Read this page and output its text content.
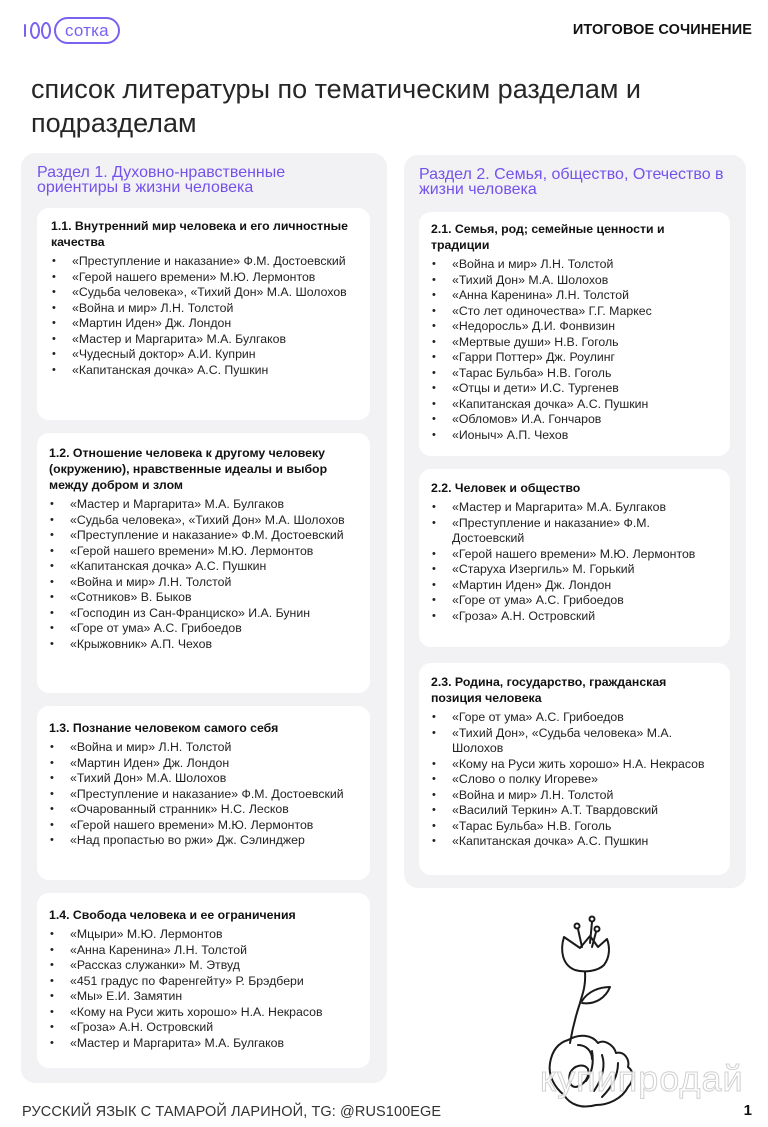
сотка	ИТОГОВОЕ СОЧИНЕНИЕ
список литературы по тематическим разделам и подразделам
Раздел 1. Духовно-нравственные ориентиры в жизни человека
1.1. Внутренний мир человека и его личностные качества
• «Преступление и наказание» Ф.М. Достоевский
• «Герой нашего времени» М.Ю. Лермонтов
• «Судьба человека», «Тихий Дон» М.А. Шолохов
• «Война и мир» Л.Н. Толстой
• «Мартин Иден» Дж. Лондон
• «Мастер и Маргарита» М.А. Булгаков
• «Чудесный доктор» А.И. Куприн
• «Капитанская дочка» А.С. Пушкин
1.2. Отношение человека к другому человеку (окружению), нравственные идеалы и выбор между добром и злом
• «Мастер и Маргарита» М.А. Булгаков
• «Судьба человека», «Тихий Дон» М.А. Шолохов
• «Преступление и наказание» Ф.М. Достоевский
• «Герой нашего времени» М.Ю. Лермонтов
• «Капитанская дочка» А.С. Пушкин
• «Война и мир» Л.Н. Толстой
• «Сотников» В. Быков
• «Господин из Сан-Франциско» И.А. Бунин
• «Горе от ума» А.С. Грибоедов
• «Крыжовник» А.П. Чехов
1.3. Познание человеком самого себя
• «Война и мир» Л.Н. Толстой
• «Мартин Иден» Дж. Лондон
• «Тихий Дон» М.А. Шолохов
• «Преступление и наказание» Ф.М. Достоевский
• «Очарованный странник» Н.С. Лесков
• «Герой нашего времени» М.Ю. Лермонтов
• «Над пропастью во ржи» Дж. Сэлинджер
1.4. Свобода человека и ее ограничения
• «Мцыри» М.Ю. Лермонтов
• «Анна Каренина» Л.Н. Толстой
• «Рассказ служанки» М. Этвуд
• «451 градус по Фаренгейту» Р. Брэдбери
• «Мы» Е.И. Замятин
• «Кому на Руси жить хорошо» Н.А. Некрасов
• «Гроза» А.Н. Островский
• «Мастер и Маргарита» М.А. Булгаков
Раздел 2. Семья, общество, Отечество в жизни человека
2.1. Семья, род; семейные ценности и традиции
• «Война и мир» Л.Н. Толстой
• «Тихий Дон» М.А. Шолохов
• «Анна Каренина» Л.Н. Толстой
• «Сто лет одиночества» Г.Г. Маркес
• «Недоросль» Д.И. Фонвизин
• «Мертвые души» Н.В. Гоголь
• «Гарри Поттер» Дж. Роулинг
• «Тарас Бульба» Н.В. Гоголь
• «Отцы и дети» И.С. Тургенев
• «Капитанская дочка» А.С. Пушкин
• «Обломов» И.А. Гончаров
• «Ионыч» А.П. Чехов
2.2. Человек и общество
• «Мастер и Маргарита» М.А. Булгаков
• «Преступление и наказание» Ф.М. Достоевский
• «Герой нашего времени» М.Ю. Лермонтов
• «Старуха Изергиль» М. Горький
• «Мартин Иден» Дж. Лондон
• «Горе от ума» А.С. Грибоедов
• «Гроза» А.Н. Островский
2.3. Родина, государство, гражданская позиция человека
• «Горе от ума» А.С. Грибоедов
• «Тихий Дон», «Судьба человека» М.А. Шолохов
• «Кому на Руси жить хорошо» Н.А. Некрасов
• «Слово о полку Игореве»
• «Война и мир» Л.Н. Толстой
• «Василий Теркин» А.Т. Твардовский
• «Тарас Бульба» Н.В. Гоголь
• «Капитанская дочка» А.С. Пушкин
купипродай
РУССКИЙ ЯЗЫК С ТАМАРОЙ ЛАРИНОЙ, TG: @RUS100EGE	1
